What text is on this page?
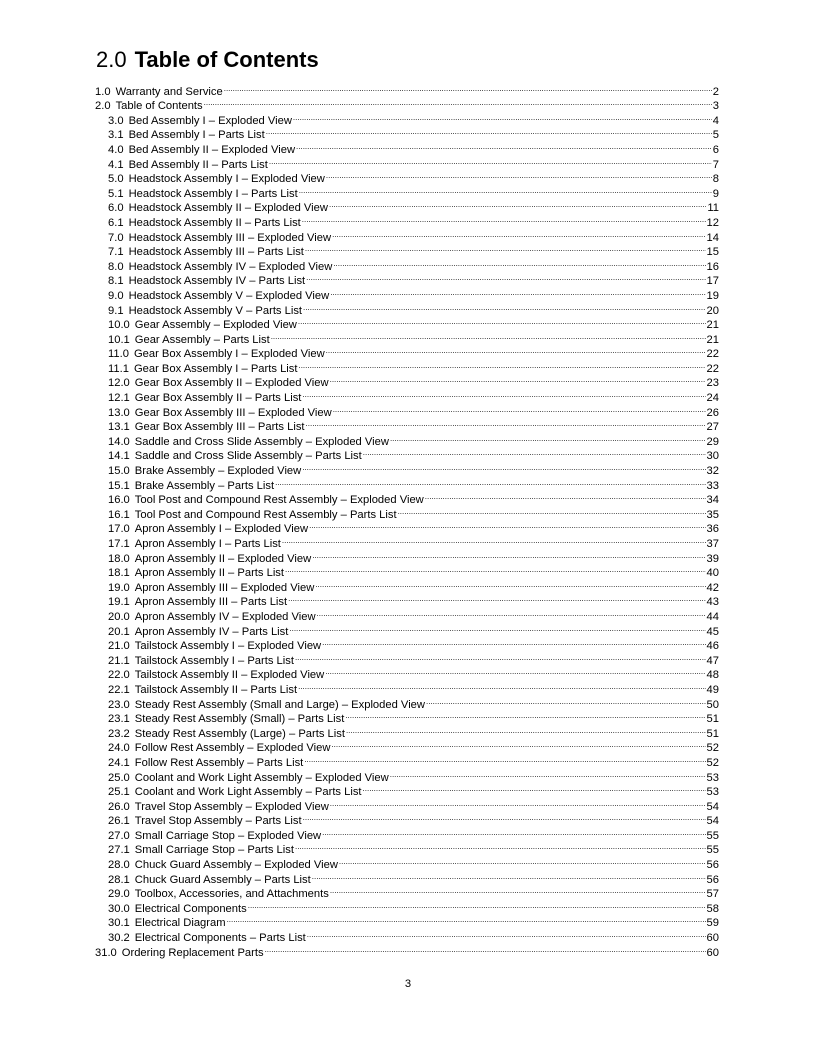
2.0 Table of Contents
1.0 Warranty and Service .....	2
2.0 Table of Contents .....	3
3.0 Bed Assembly I – Exploded View .....	4
3.1 Bed Assembly I – Parts List .....	5
4.0 Bed Assembly II – Exploded View .....	6
4.1 Bed Assembly II – Parts List .....	7
5.0 Headstock Assembly I – Exploded View .....	8
5.1 Headstock Assembly I – Parts List .....	9
6.0 Headstock Assembly II – Exploded View .....	11
6.1 Headstock Assembly II – Parts List .....	12
7.0 Headstock Assembly III – Exploded View .....	14
7.1 Headstock Assembly III – Parts List .....	15
8.0 Headstock Assembly IV – Exploded View .....	16
8.1 Headstock Assembly IV – Parts List .....	17
9.0 Headstock Assembly V – Exploded View .....	19
9.1 Headstock Assembly V – Parts List .....	20
10.0 Gear Assembly – Exploded View .....	21
10.1 Gear Assembly – Parts List .....	21
11.0 Gear Box Assembly I – Exploded View .....	22
11.1 Gear Box Assembly I – Parts List .....	22
12.0 Gear Box Assembly II – Exploded View .....	23
12.1 Gear Box Assembly II – Parts List .....	24
13.0 Gear Box Assembly III – Exploded View .....	26
13.1 Gear Box Assembly III – Parts List .....	27
14.0 Saddle and Cross Slide Assembly – Exploded View .....	29
14.1 Saddle and Cross Slide Assembly – Parts List .....	30
15.0 Brake Assembly – Exploded View .....	32
15.1 Brake Assembly – Parts List .....	33
16.0 Tool Post and Compound Rest Assembly – Exploded View .....	34
16.1 Tool Post and Compound Rest Assembly – Parts List .....	35
17.0 Apron Assembly I – Exploded View .....	36
17.1 Apron Assembly I – Parts List .....	37
18.0 Apron Assembly II – Exploded View .....	39
18.1 Apron Assembly II – Parts List .....	40
19.0 Apron Assembly III – Exploded View .....	42
19.1 Apron Assembly III – Parts List .....	43
20.0 Apron Assembly IV – Exploded View .....	44
20.1 Apron Assembly IV – Parts List .....	45
21.0 Tailstock Assembly I – Exploded View .....	46
21.1 Tailstock Assembly I – Parts List .....	47
22.0 Tailstock Assembly II – Exploded View .....	48
22.1 Tailstock Assembly II – Parts List .....	49
23.0 Steady Rest Assembly (Small and Large) – Exploded View .....	50
23.1 Steady Rest Assembly (Small) – Parts List .....	51
23.2 Steady Rest Assembly (Large) – Parts List .....	51
24.0 Follow Rest Assembly – Exploded View .....	52
24.1 Follow Rest Assembly – Parts List .....	52
25.0 Coolant and Work Light Assembly – Exploded View .....	53
25.1 Coolant and Work Light Assembly – Parts List .....	53
26.0 Travel Stop Assembly – Exploded View .....	54
26.1 Travel Stop Assembly – Parts List .....	54
27.0 Small Carriage Stop – Exploded View .....	55
27.1 Small Carriage Stop – Parts List .....	55
28.0 Chuck Guard Assembly – Exploded View .....	56
28.1 Chuck Guard Assembly – Parts List .....	56
29.0 Toolbox, Accessories, and Attachments .....	57
30.0 Electrical Components .....	58
30.1 Electrical Diagram .....	59
30.2 Electrical Components – Parts List .....	60
31.0 Ordering Replacement Parts .....	60
3
